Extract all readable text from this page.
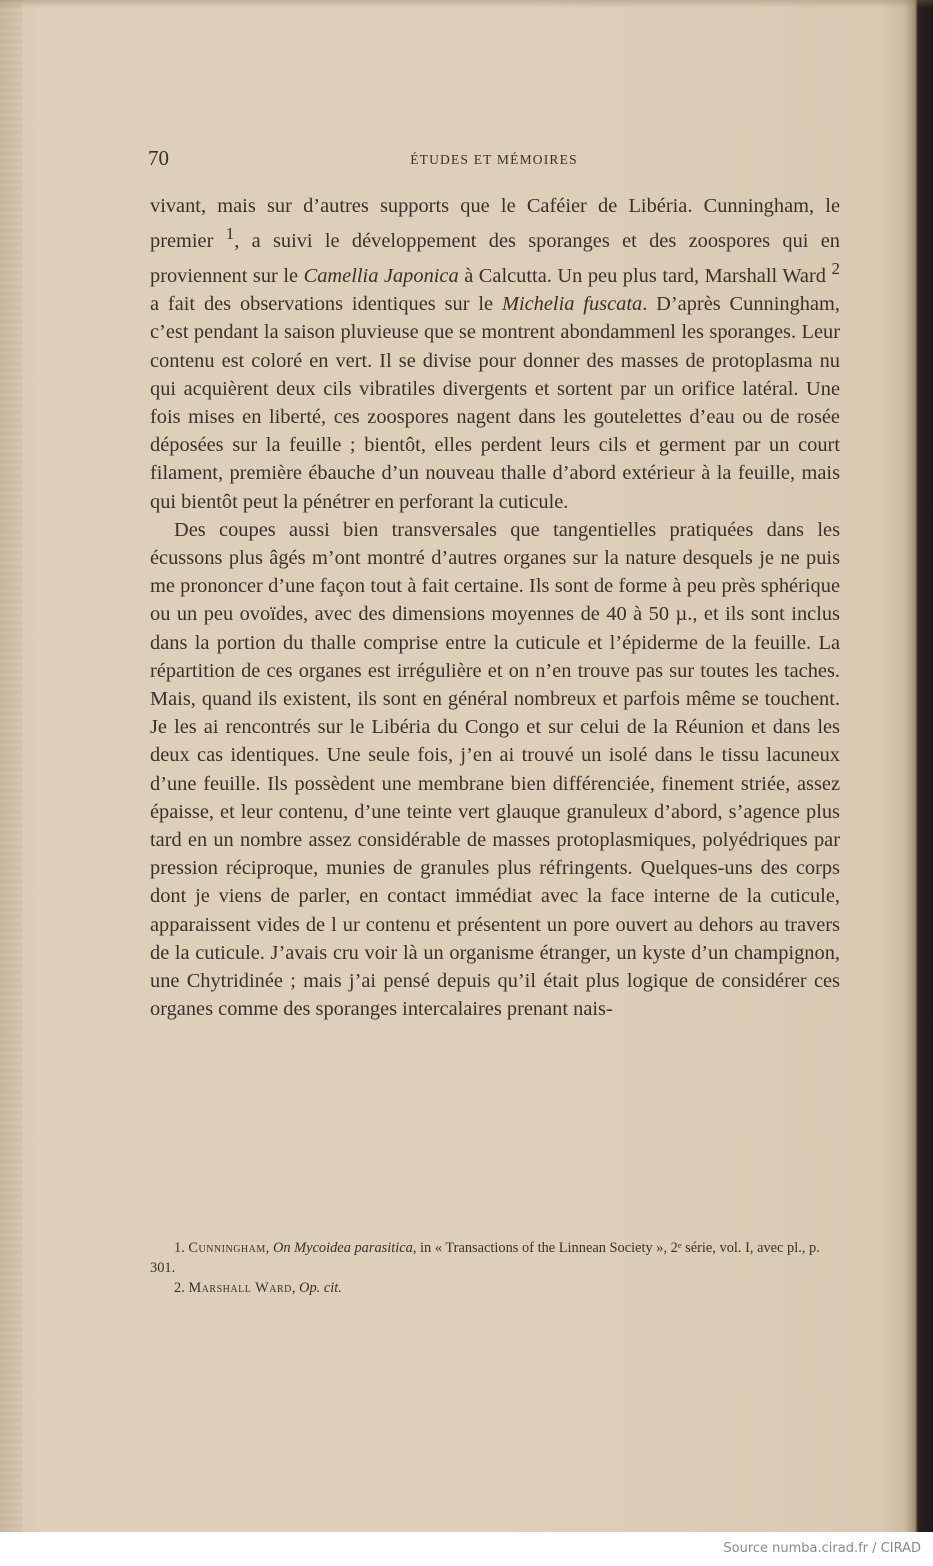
70	ÉTUDES ET MÉMOIRES

vivant, mais sur d’autres supports que le Caféier de Libéria. Cunningham, le premier $^1$, a suivi le développement des sporanges et des zoospores qui en proviennent sur le Camellia Japonica à Calcutta. Un peu plus tard, Marshall Ward $^2$ a fait des observations identiques sur le Michelia fuscata. D’après Cunningham, c’est pendant la saison pluvieuse que se montrent abondammenl les sporanges. Leur contenu est coloré en vert. Il se divise pour donner des masses de protoplasma nu qui acquièrent deux cils vibratiles divergents et sortent par un orifice latéral. Une fois mises en liberté, ces zoospores nagent dans les goutelettes d’eau ou de rosée déposées sur la feuille ; bientôt, elles perdent leurs cils et germent par un court filament, première ébauche d’un nouveau thalle d’abord extérieur à la feuille, mais qui bientôt peut la pénétrer en perforant la cuticule.

Des coupes aussi bien transversales que tangentielles pratiquées dans les écussons plus âgés m’ont montré d’autres organes sur la nature desquels je ne puis me prononcer d’une façon tout à fait certaine. Ils sont de forme à peu près sphérique ou un peu ovoïdes, avec des dimensions moyennes de 40 à 50 µ., et ils sont inclus dans la portion du thalle comprise entre la cuticule et l’épiderme de la feuille. La répartition de ces organes est irrégulière et on n’en trouve pas sur toutes les taches. Mais, quand ils existent, ils sont en général nombreux et parfois même se touchent. Je les ai rencontrés sur le Libéria du Congo et sur celui de la Réunion et dans les deux cas identiques. Une seule fois, j’en ai trouvé un isolé dans le tissu lacuneux d’une feuille. Ils possèdent une membrane bien différenciée, finement striée, assez épaisse, et leur contenu, d’une teinte vert glauque granuleux d’abord, s’agence plus tard en un nombre assez considérable de masses protoplasmiques, polyédriques par pression réciproque, munies de granules plus réfringents. Quelques-uns des corps dont je viens de parler, en contact immédiat avec la face interne de la cuticule, apparaissent vides de l ur contenu et présentent un pore ouvert au dehors au travers de la cuticule. J’avais cru voir là un organisme étranger, un kyste d’un champignon, une Chytridinée ; mais j’ai pensé depuis qu’il était plus logique de considérer ces organes comme des sporanges intercalaires prenant nais-

1. Cunningham, On Mycoidea parasitica, in « Transactions of the Linnean Society », 2ᵉ série, vol. I, avec pl., p. 301.

2. Marshall Ward, Op. cit.

Source numba.cirad.fr / CIRAD
